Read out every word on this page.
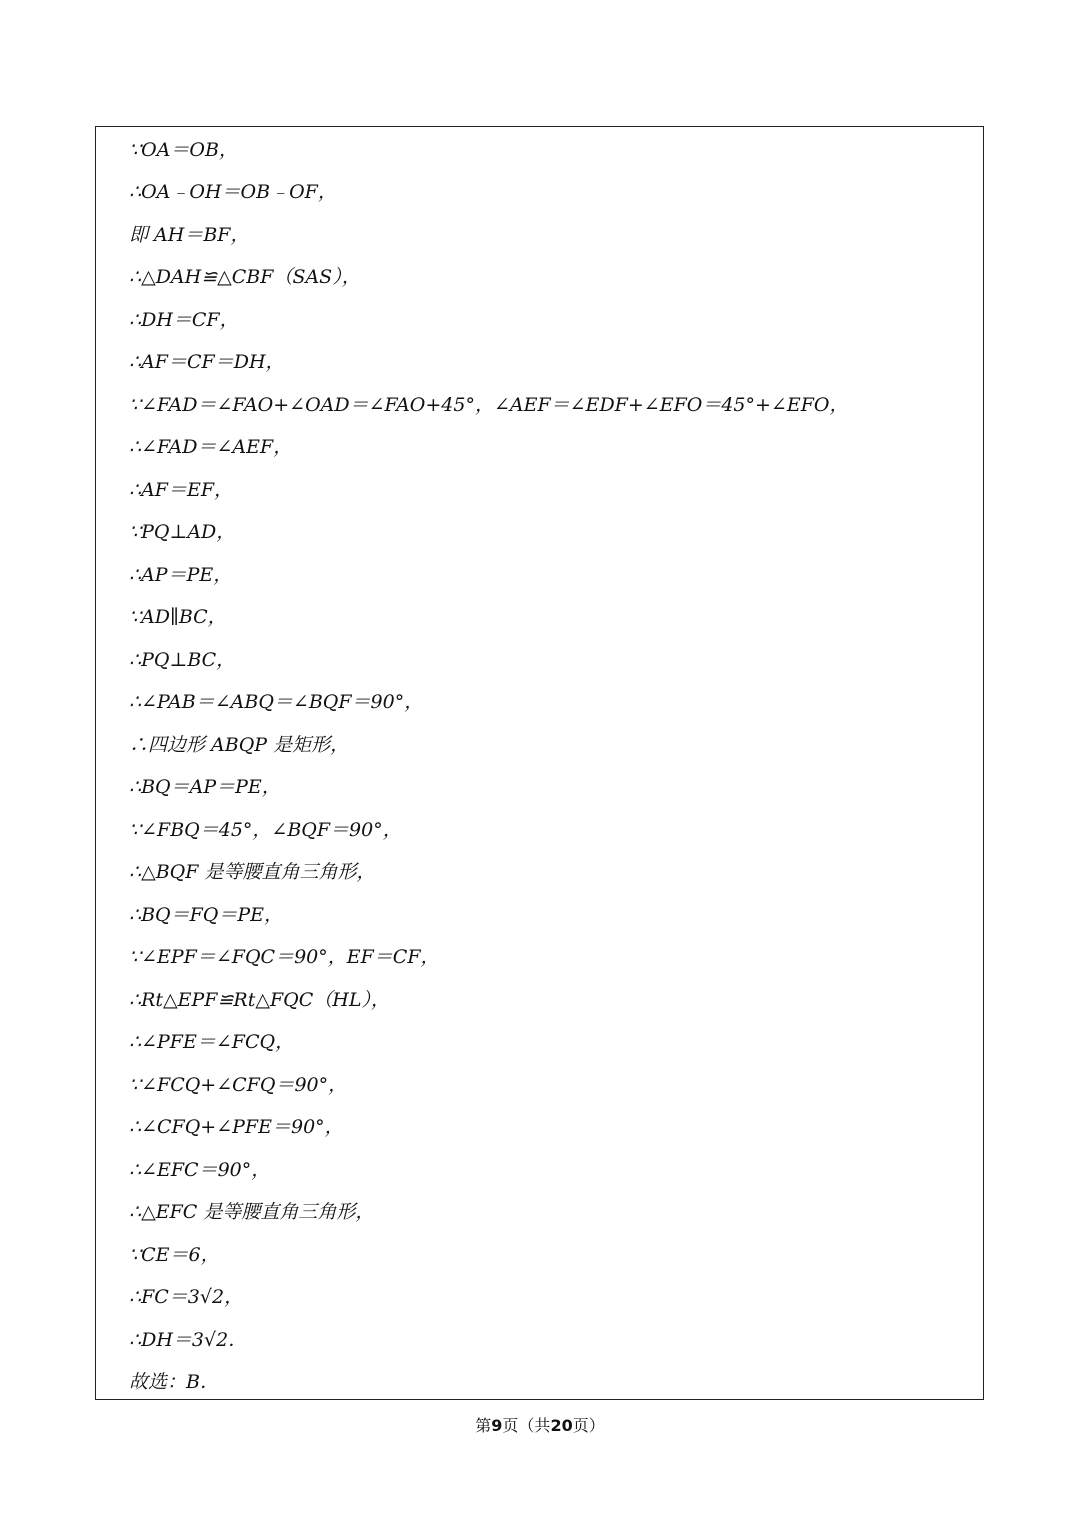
∵OA＝OB，
∴OA﹣OH＝OB﹣OF，
即 AH＝BF，
∴△DAH≌△CBF（SAS），
∴DH＝CF，
∴AF＝CF＝DH，
∵∠FAD＝∠FAO+∠OAD＝∠FAO+45°，∠AEF＝∠EDF+∠EFO＝45°+∠EFO，
∴∠FAD＝∠AEF，
∴AF＝EF，
∵PQ⊥AD，
∴AP＝PE，
∵AD∥BC，
∴PQ⊥BC，
∴∠PAB＝∠ABQ＝∠BQF＝90°，
∴四边形 ABQP 是矩形，
∴BQ＝AP＝PE，
∵∠FBQ＝45°，∠BQF＝90°，
∴△BQF 是等腰直角三角形，
∴BQ＝FQ＝PE，
∵∠EPF＝∠FQC＝90°，EF＝CF，
∴Rt△EPF≌Rt△FQC（HL），
∴∠PFE＝∠FCQ，
∵∠FCQ+∠CFQ＝90°，
∴∠CFQ+∠PFE＝90°，
∴∠EFC＝90°，
∴△EFC 是等腰直角三角形，
∵CE＝6，
∴FC＝3√2，
∴DH＝3√2．
故选：B．
第9页（共20页）
